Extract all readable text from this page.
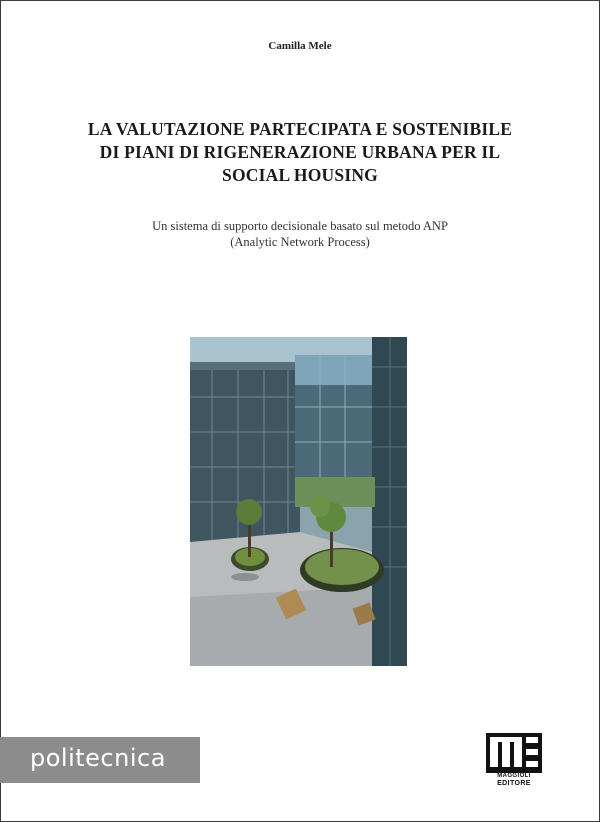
Camilla Mele
LA VALUTAZIONE PARTECIPATA E SOSTENIBILE
DI PIANI DI RIGENERAZIONE URBANA PER IL
SOCIAL HOUSING
Un sistema di supporto decisionale basato sul metodo ANP
(Analytic Network Process)
politecnica
MAGGIOLI
EDITORE
